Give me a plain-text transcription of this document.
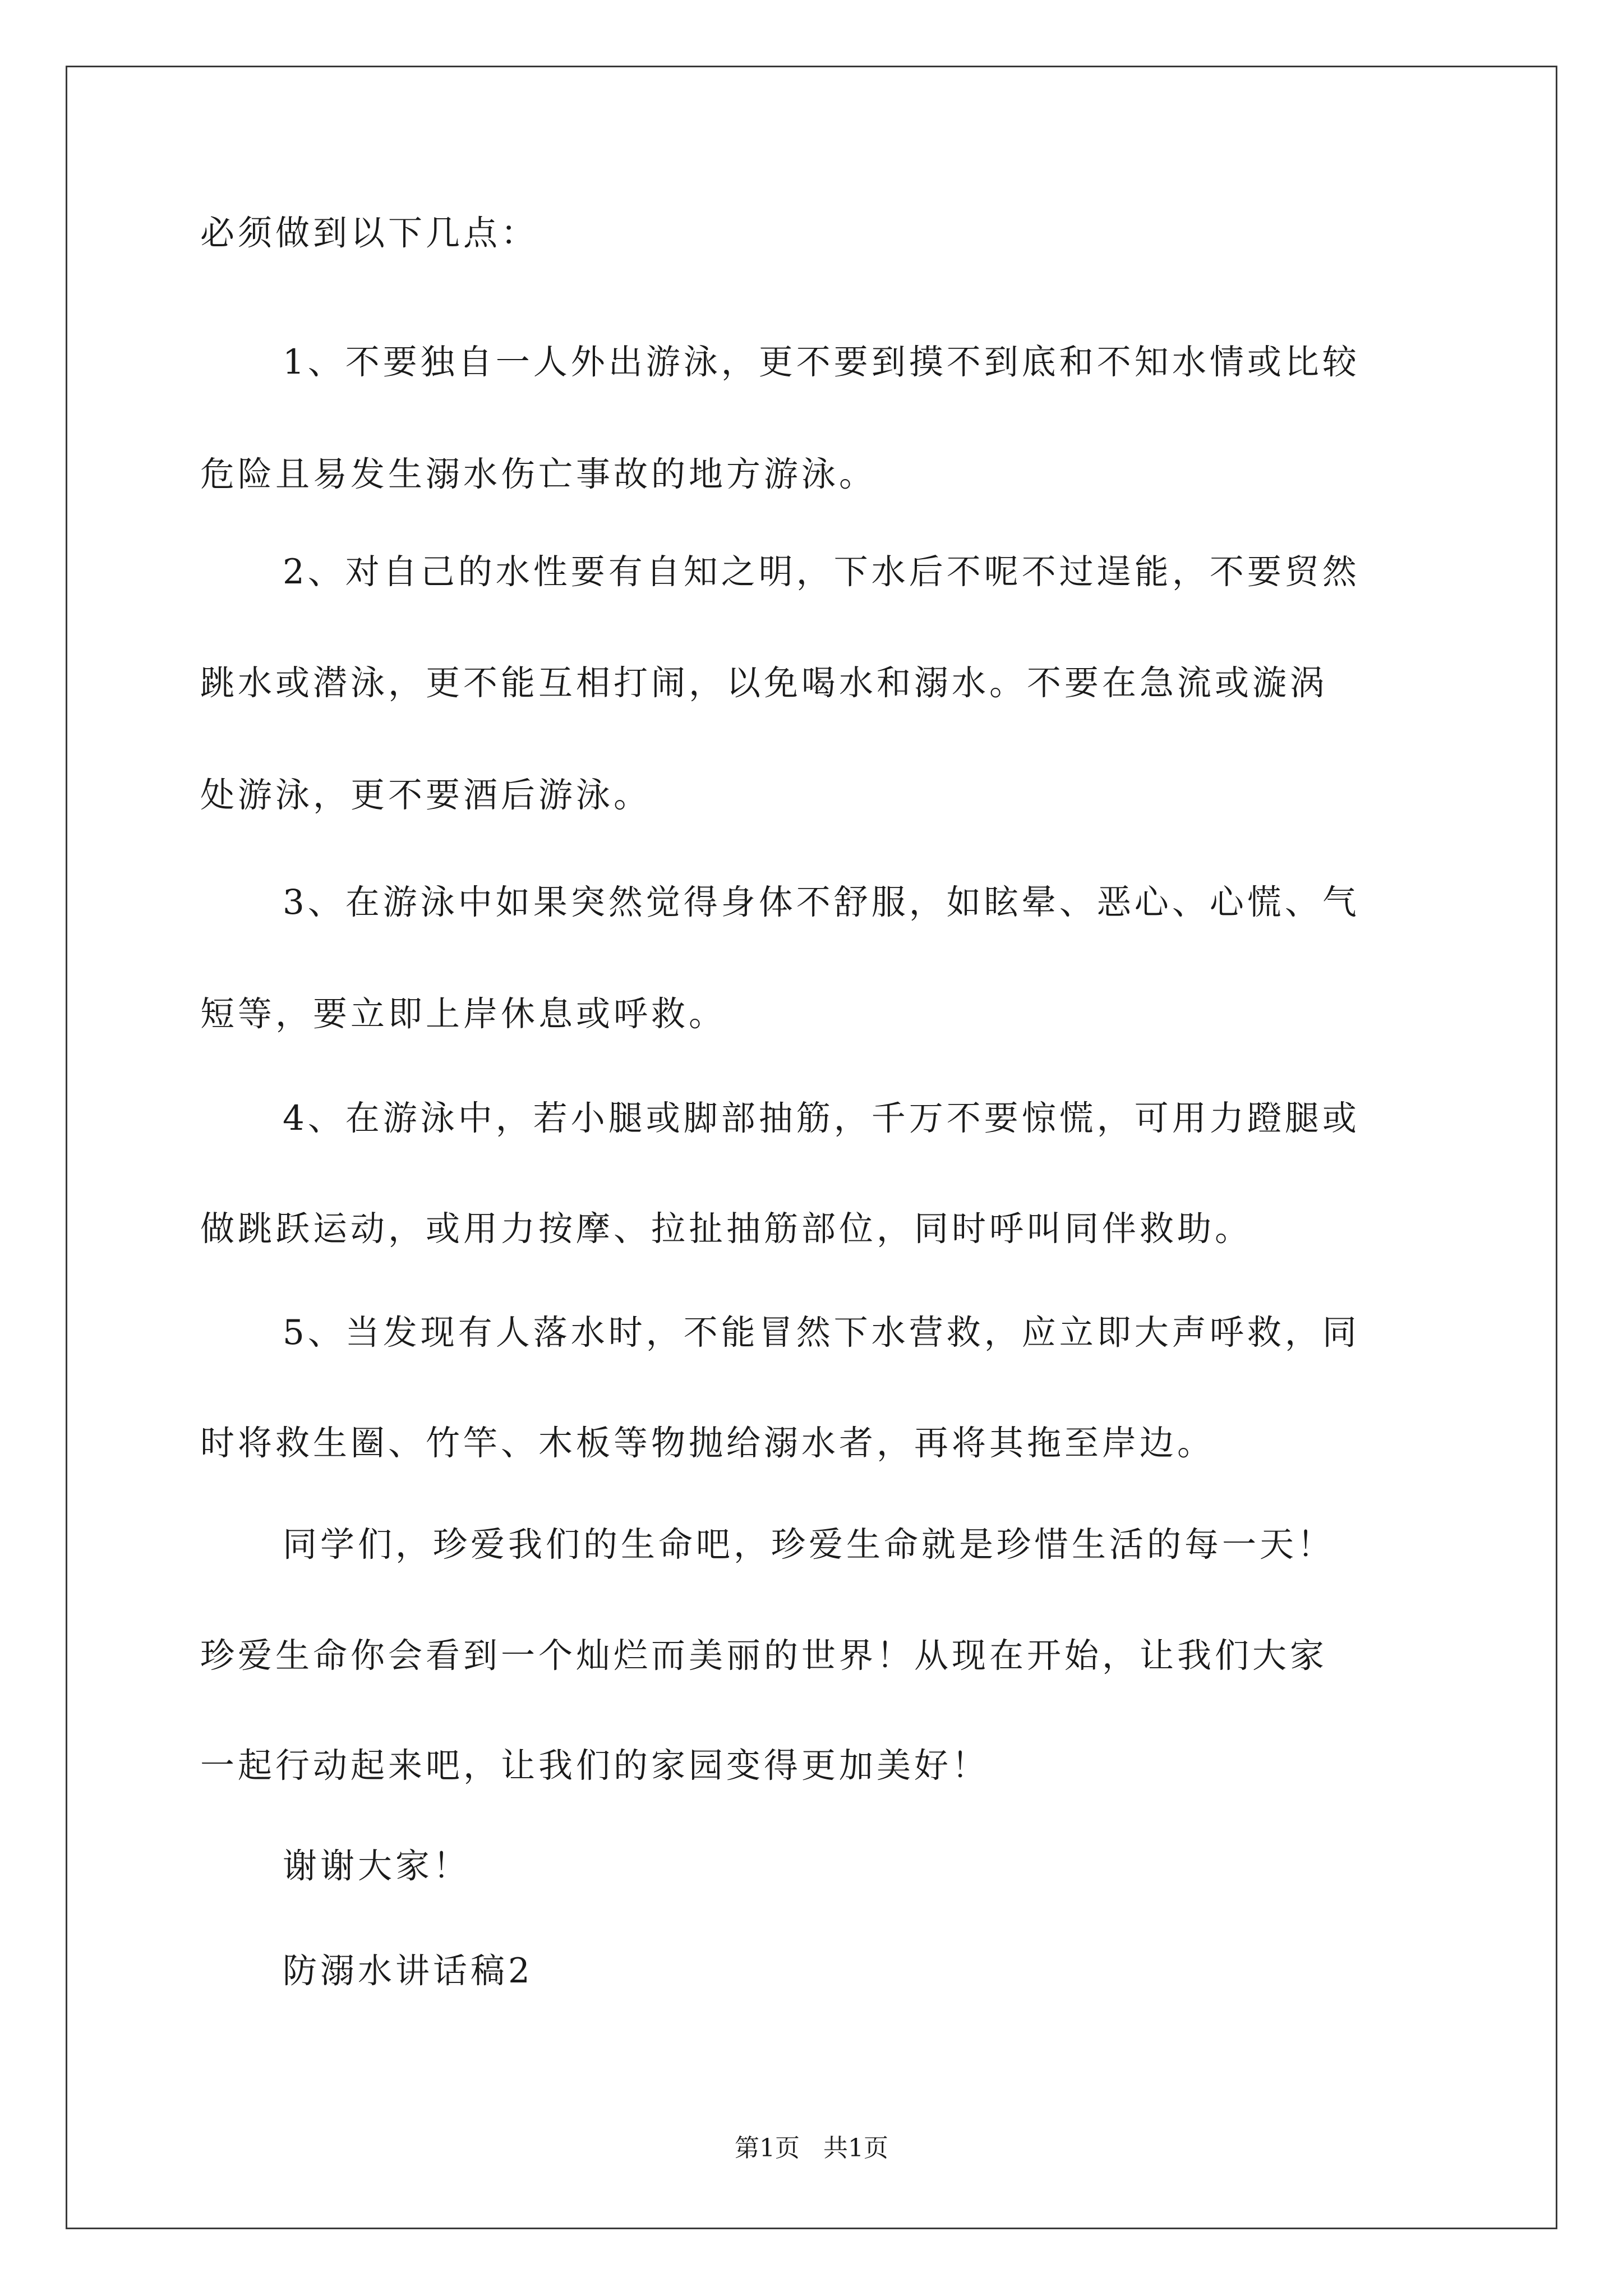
必须做到以下几点：
1、不要独自一人外出游泳，更不要到摸不到底和不知水情或比较
危险且易发生溺水伤亡事故的地方游泳。
2、对自己的水性要有自知之明，下水后不呢不过逞能，不要贸然
跳水或潜泳，更不能互相打闹，以免喝水和溺水。不要在急流或漩涡
处游泳，更不要酒后游泳。
3、在游泳中如果突然觉得身体不舒服，如眩晕、恶心、心慌、气
短等，要立即上岸休息或呼救。
4、在游泳中，若小腿或脚部抽筋，千万不要惊慌，可用力蹬腿或
做跳跃运动，或用力按摩、拉扯抽筋部位，同时呼叫同伴救助。
5、当发现有人落水时，不能冒然下水营救，应立即大声呼救，同
时将救生圈、竹竿、木板等物抛给溺水者，再将其拖至岸边。
同学们，珍爱我们的生命吧，珍爱生命就是珍惜生活的每一天！
珍爱生命你会看到一个灿烂而美丽的世界！从现在开始，让我们大家
一起行动起来吧，让我们的家园变得更加美好！
谢谢大家！
防溺水讲话稿2
第1页 共1页
